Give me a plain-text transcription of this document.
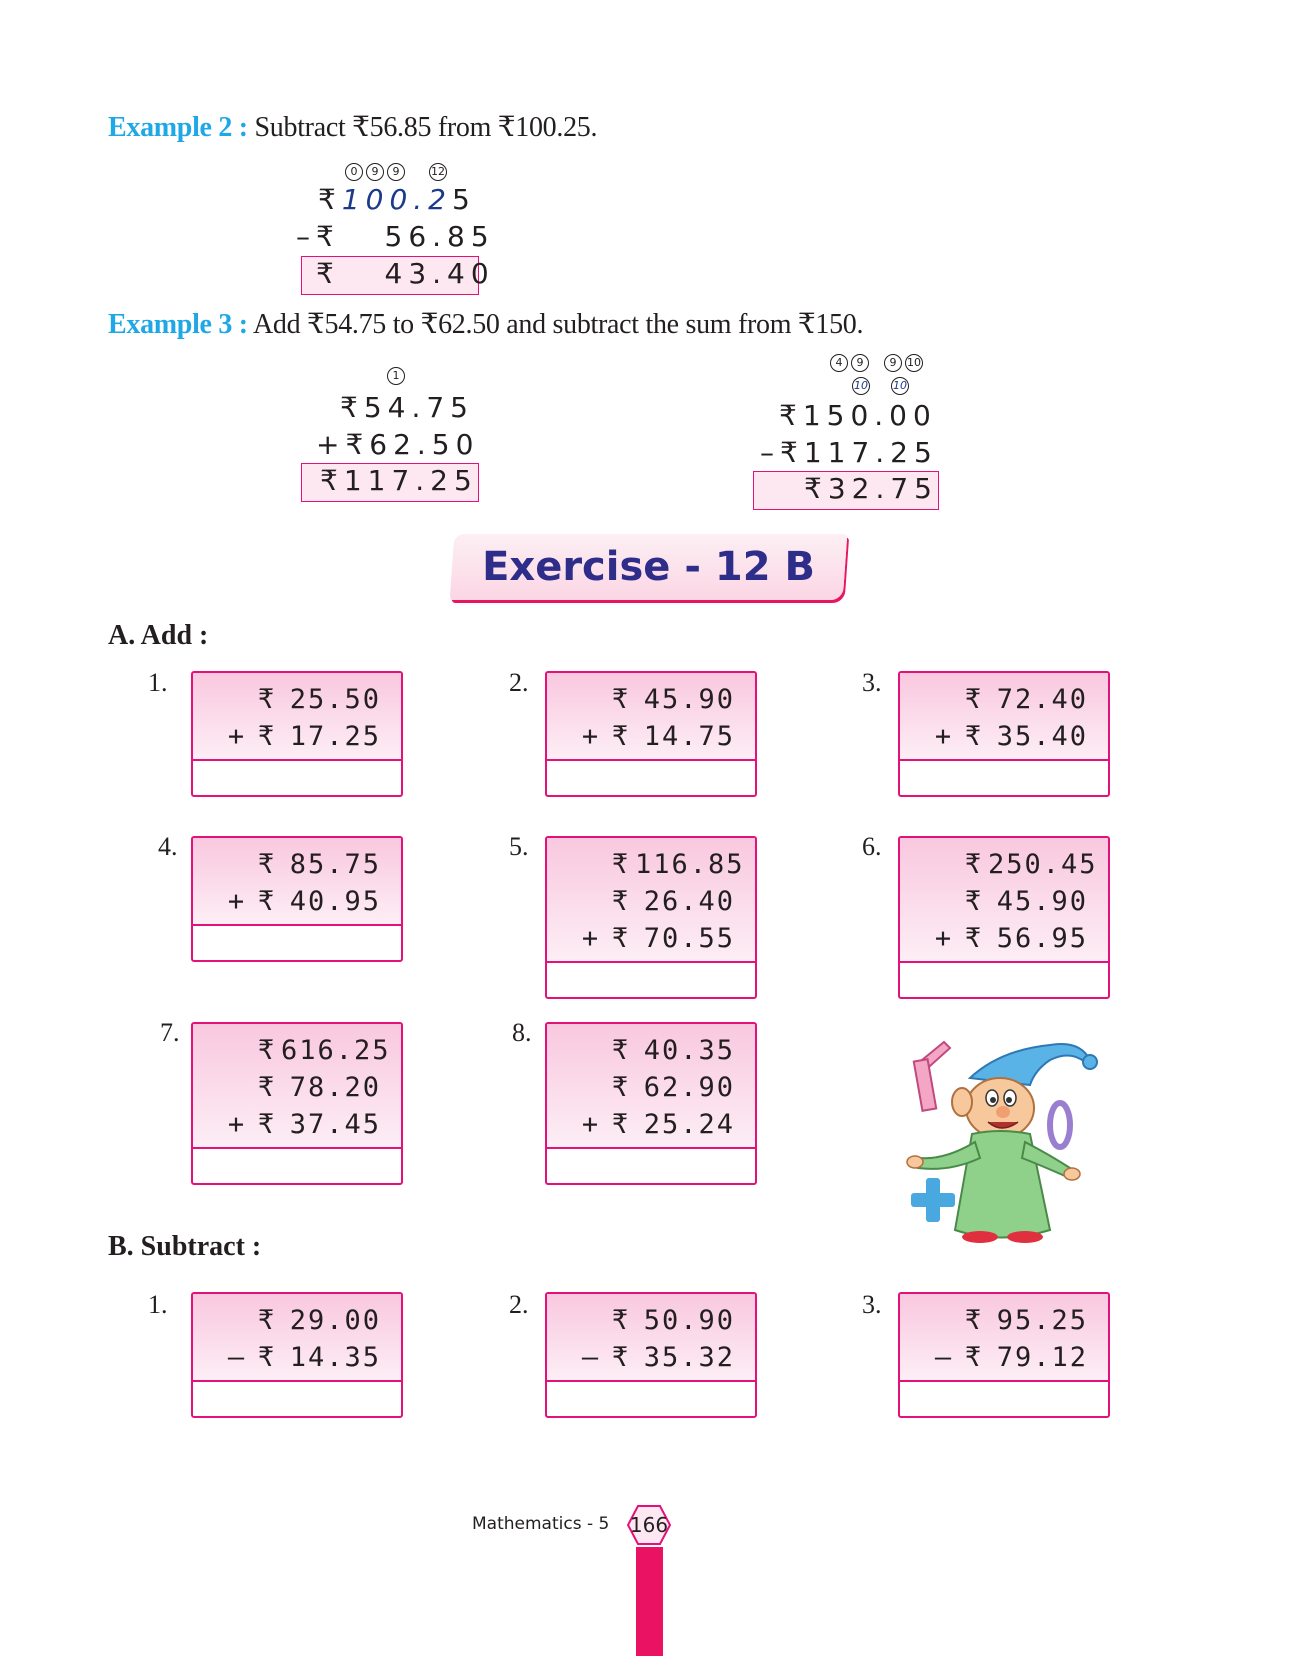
Example 2 : Subtract ₹56.85 from ₹100.25.
0 9 9	12
₹100.25
–₹   56.85
₹   43.40
Example 3 : Add ₹54.75 to ₹62.50 and subtract the sum from ₹150.
1
₹54.75
+₹62.50
₹117.25
4 9 9 10
10 10
₹150.00
–₹117.25
₹32.75
Exercise - 12 B
A. Add :
1.
₹ 25.50
+ ₹ 17.25
2.
₹ 45.90
+ ₹ 14.75
3.
₹ 72.40
+ ₹ 35.40
4.
₹ 85.75
+ ₹ 40.95
5.
₹ 116.85
₹ 26.40
+ ₹ 70.55
6.
₹ 250.45
₹ 45.90
+ ₹ 56.95
7.
₹ 616.25
₹ 78.20
+ ₹ 37.45
8.
₹ 40.35
₹ 62.90
+ ₹ 25.24
B. Subtract :
1.
₹ 29.00
– ₹ 14.35
2.
₹ 50.90
– ₹ 35.32
3.
₹ 95.25
– ₹ 79.12
Mathematics - 5 166
